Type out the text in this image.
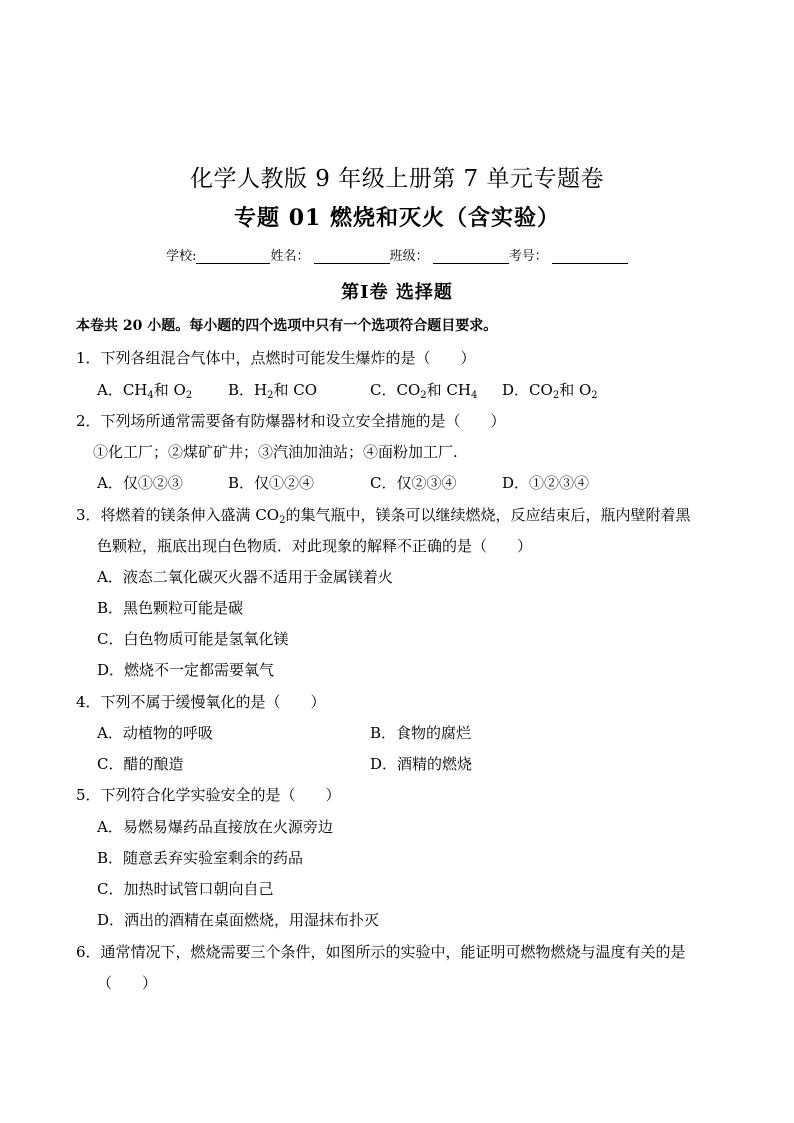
化学人教版 9 年级上册第 7 单元专题卷
专题 01 燃烧和灭火（含实验）
学校:	姓名：	班级：	考号：
第Ⅰ卷 选择题
本卷共 20 小题。每小题的四个选项中只有一个选项符合题目要求。
1．下列各组混合气体中，点燃时可能发生爆炸的是（　　）
A．$CH_4$和 $O_2$ B．$H_2$和 CO	C．$CO_2$和 $CH_4$ D．$CO_2$和 $O_2$
2．下列场所通常需要备有防爆器材和设立安全措施的是（　　）
①化工厂；②煤矿矿井；③汽油加油站；④面粉加工厂.
A．仅①②③	B．仅①②④	C．仅②③④	D．①②③④
3．将燃着的镁条伸入盛满 $CO_2$的集气瓶中，镁条可以继续燃烧，反应结束后，瓶内壁附着黑
色颗粒，瓶底出现白色物质．对此现象的解释不正确的是（　　）
A．液态二氧化碳灭火器不适用于金属镁着火
B．黑色颗粒可能是碳
C．白色物质可能是氢氧化镁
D．燃烧不一定都需要氧气
4．下列不属于缓慢氧化的是（　　）
A．动植物的呼吸	B．食物的腐烂
C．醋的酿造	D．酒精的燃烧
5．下列符合化学实验安全的是（　　）
A．易燃易爆药品直接放在火源旁边
B．随意丢弃实验室剩余的药品
C．加热时试管口朝向自己
D．洒出的酒精在桌面燃烧，用湿抹布扑灭
6．通常情况下，燃烧需要三个条件，如图所示的实验中，能证明可燃物燃烧与温度有关的是
（　　）
